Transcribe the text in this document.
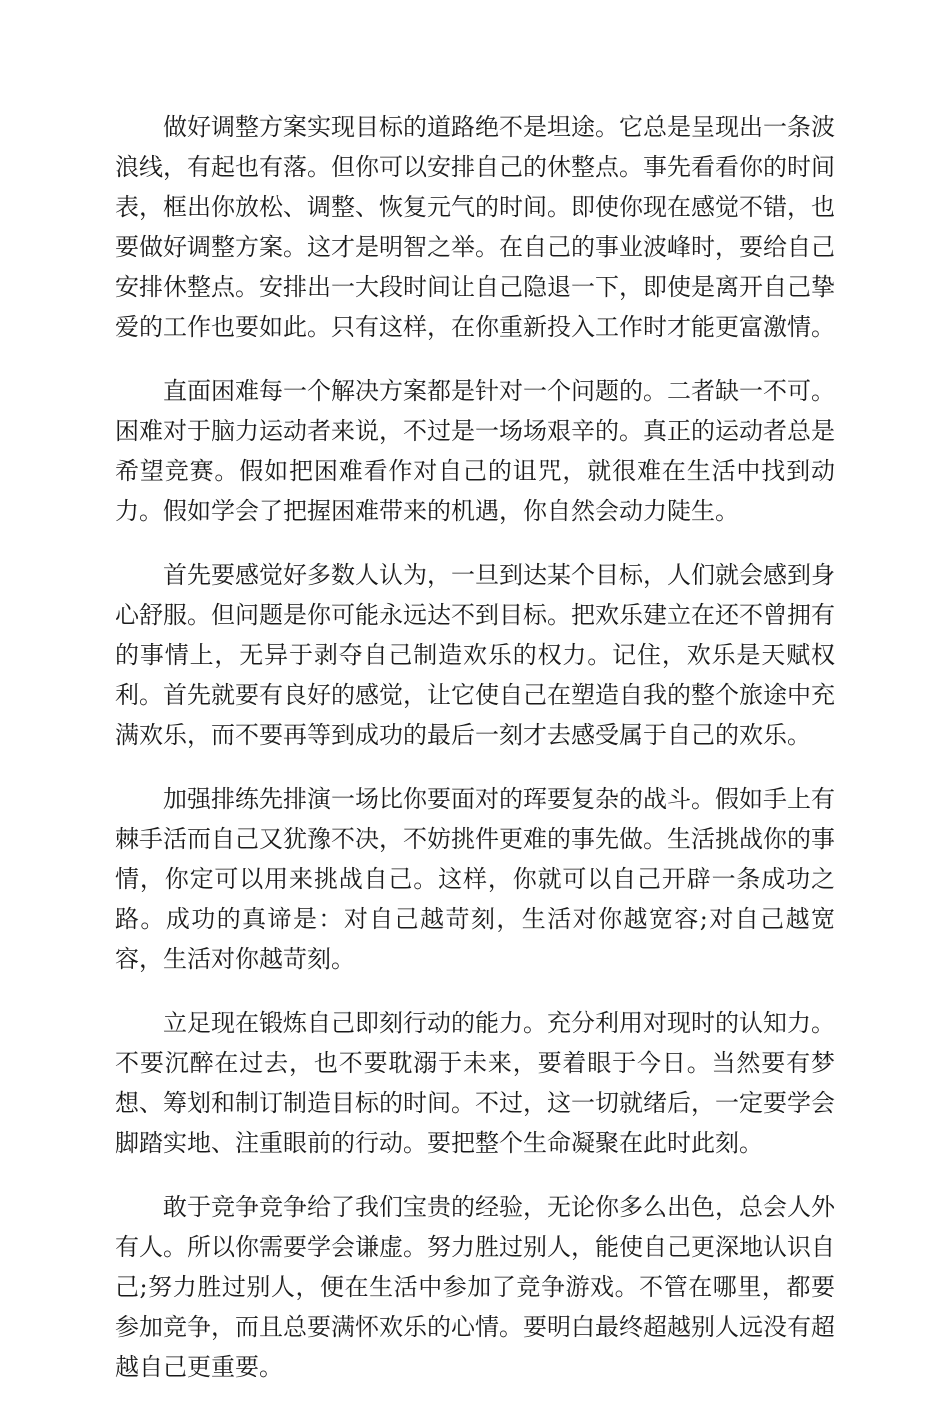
做好调整方案实现目标的道路绝不是坦途。它总是呈现出一条波浪线，有起也有落。但你可以安排自己的休整点。事先看看你的时间表，框出你放松、调整、恢复元气的时间。即使你现在感觉不错，也要做好调整方案。这才是明智之举。在自己的事业波峰时，要给自己安排休整点。安排出一大段时间让自己隐退一下，即使是离开自己挚爱的工作也要如此。只有这样，在你重新投入工作时才能更富激情。

直面困难每一个解决方案都是针对一个问题的。二者缺一不可。困难对于脑力运动者来说，不过是一场场艰辛的。真正的运动者总是希望竞赛。假如把困难看作对自己的诅咒，就很难在生活中找到动力。假如学会了把握困难带来的机遇，你自然会动力陡生。

首先要感觉好多数人认为，一旦到达某个目标，人们就会感到身心舒服。但问题是你可能永远达不到目标。把欢乐建立在还不曾拥有的事情上，无异于剥夺自己制造欢乐的权力。记住，欢乐是天赋权利。首先就要有良好的感觉，让它使自己在塑造自我的整个旅途中充满欢乐，而不要再等到成功的最后一刻才去感受属于自己的欢乐。

加强排练先排演一场比你要面对的珲要复杂的战斗。假如手上有棘手活而自己又犹豫不决，不妨挑件更难的事先做。生活挑战你的事情，你定可以用来挑战自己。这样，你就可以自己开辟一条成功之路。成功的真谛是：对自己越苛刻，生活对你越宽容;对自己越宽容，生活对你越苛刻。

立足现在锻炼自己即刻行动的能力。充分利用对现时的认知力。不要沉醉在过去，也不要耽溺于未来，要着眼于今日。当然要有梦想、筹划和制订制造目标的时间。不过，这一切就绪后，一定要学会脚踏实地、注重眼前的行动。要把整个生命凝聚在此时此刻。

敢于竞争竞争给了我们宝贵的经验，无论你多么出色，总会人外有人。所以你需要学会谦虚。努力胜过别人，能使自己更深地认识自己;努力胜过别人，便在生活中参加了竞争游戏。不管在哪里，都要参加竞争，而且总要满怀欢乐的心情。要明白最终超越别人远没有超越自己更重要。
